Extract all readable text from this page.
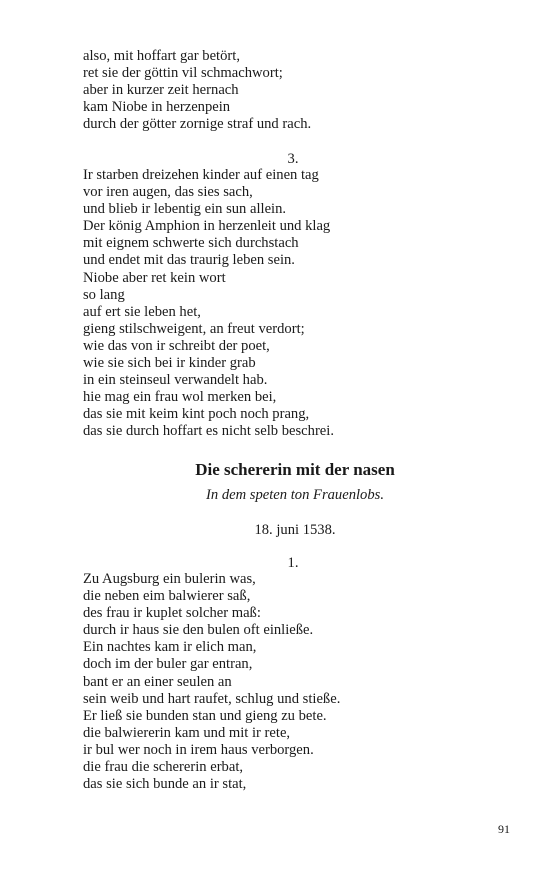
also, mit hoffart gar betört,
ret sie der göttin vil schmachwort;
aber in kurzer zeit hernach
kam Niobe in herzenpein
durch der götter zornige straf und rach.
3.
Ir starben dreizehen kinder auf einen tag
vor iren augen, das sies sach,
und blieb ir lebentig ein sun allein.
Der könig Amphion in herzenleit und klag
mit eignem schwerte sich durchstach
und endet mit das traurig leben sein.
Niobe aber ret kein wort
so lang
auf ert sie leben het,
gieng stilschweigent, an freut verdort;
wie das von ir schreibt der poet,
wie sie sich bei ir kinder grab
in ein steinseul verwandelt hab.
hie mag ein frau wol merken bei,
das sie mit keim kint poch noch prang,
das sie durch hoffart es nicht selb beschrei.
Die schererin mit der nasen
In dem speten ton Frauenlobs.
18. juni 1538.
1.
Zu Augsburg ein bulerin was,
die neben eim balwierer saß,
des frau ir kuplet solcher maß:
durch ir haus sie den bulen oft einließe.
Ein nachtes kam ir elich man,
doch im der buler gar entran,
bant er an einer seulen an
sein weib und hart raufet, schlug und stieße.
Er ließ sie bunden stan und gieng zu bete.
die balwiererin kam und mit ir rete,
ir bul wer noch in irem haus verborgen.
die frau die schererin erbat,
das sie sich bunde an ir stat,
91
